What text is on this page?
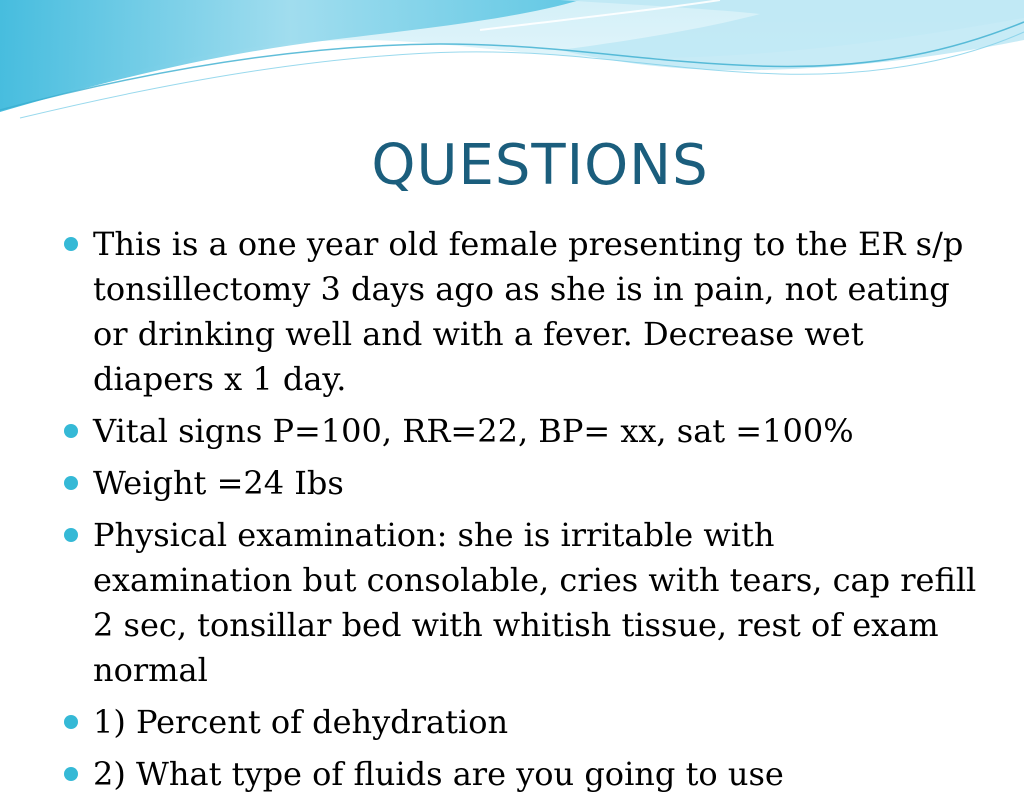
QUESTIONS
This is a one year old female presenting to the ER s/p tonsillectomy 3 days ago as she is in pain, not eating or drinking well and with a fever. Decrease wet diapers x 1 day.
Vital signs P=100, RR=22, BP= xx, sat =100%
Weight =24 Ibs
Physical examination: she is irritable with examination but consolable, cries with tears, cap refill 2 sec, tonsillar bed with whitish tissue, rest of exam normal
1) Percent of dehydration
2) What type of fluids are you going to use
